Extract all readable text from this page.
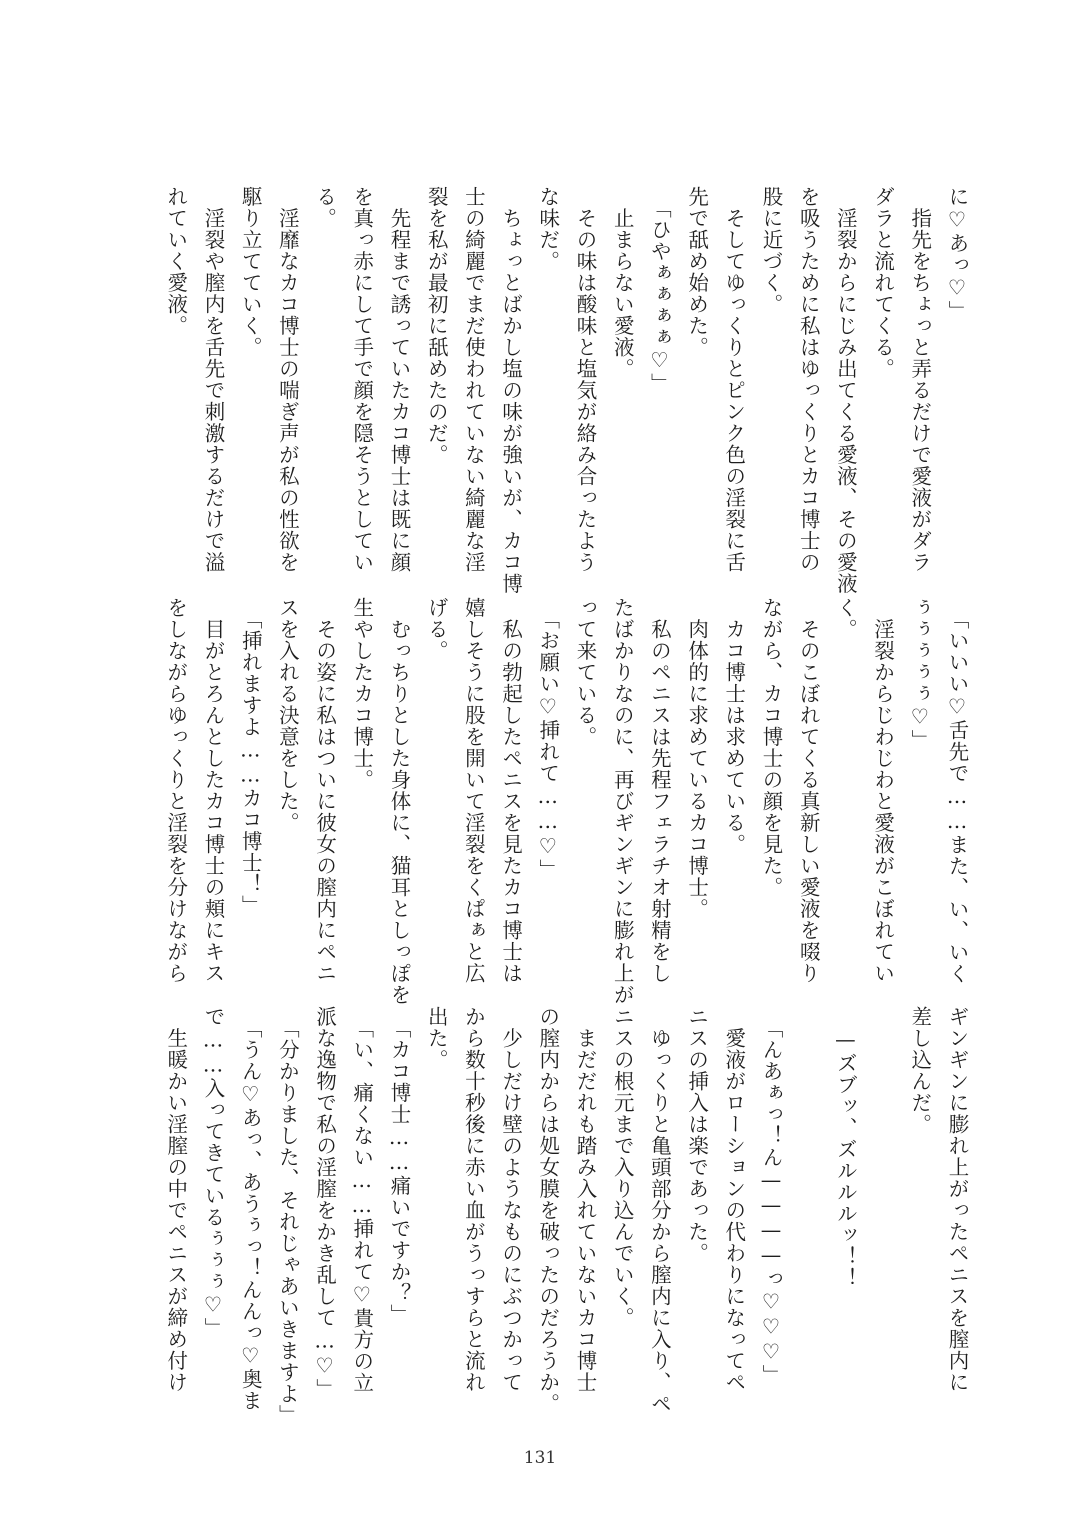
に♡あっ♡」
　指先をちょっと弄るだけで愛液がダラ
ダラと流れてくる。
　淫裂からにじみ出てくる愛液、その愛液
を吸うために私はゆっくりとカコ博士の
股に近づく。
　そしてゆっくりとピンク色の淫裂に舌
先で舐め始めた。
　「ひやぁぁぁぁ♡」
　止まらない愛液。
　その味は酸味と塩気が絡み合ったよう
な味だ。
　ちょっとばかし塩の味が強いが、カコ博
士の綺麗でまだ使われていない綺麗な淫
裂を私が最初に舐めたのだ。
　先程まで誘っていたカコ博士は既に顔
を真っ赤にして手で顔を隠そうとしてい
る。
　淫靡なカコ博士の喘ぎ声が私の性欲を
駆り立てていく。
　淫裂や膣内を舌先で刺激するだけで溢
れていく愛液。
　「いいい♡舌先で……また、い、いく
ぅぅぅぅぅ♡」
　淫裂からじわじわと愛液がこぼれてい
く。
　そのこぼれてくる真新しい愛液を啜り
ながら、カコ博士の顔を見た。
　カコ博士は求めている。
　肉体的に求めているカコ博士。
　私のペニスは先程フェラチオ射精をし
たばかりなのに、再びギンギンに膨れ上が
って来ている。
　「お願い♡挿れて……♡」
　私の勃起したペニスを見たカコ博士は
嬉しそうに股を開いて淫裂をくぱぁと広
げる。
　むっちりとした身体に、猫耳としっぽを
生やしたカコ博士。
　その姿に私はついに彼女の膣内にペニ
スを入れる決意をした。
　「挿れますよ……カコ博士！」
　目がとろんとしたカコ博士の頬にキス
をしながらゆっくりと淫裂を分けながら
ギンギンに膨れ上がったペニスを膣内に
差し込んだ。
　—ズブッ、ズルルルッ！！
　「んあぁっ！ん————っ♡♡♡」
　愛液がローションの代わりになってペ
ニスの挿入は楽であった。
　ゆっくりと亀頭部分から膣内に入り、ペ
ニスの根元まで入り込んでいく。
　まだだれも踏み入れていないカコ博士
の膣内からは処女膜を破ったのだろうか。
　少しだけ壁のようなものにぶつかって
から数十秒後に赤い血がうっすらと流れ
出た。
　「カコ博士……痛いですか？」
　「い、痛くない……挿れて♡貴方の立
派な逸物で私の淫膣をかき乱して…♡」
　「分かりました、それじゃあいきますよ」
　「うん♡あっ、あうぅっ！んんっ♡奥ま
で……入ってきているぅぅぅ♡」
　生暖かい淫膣の中でペニスが締め付け
131
